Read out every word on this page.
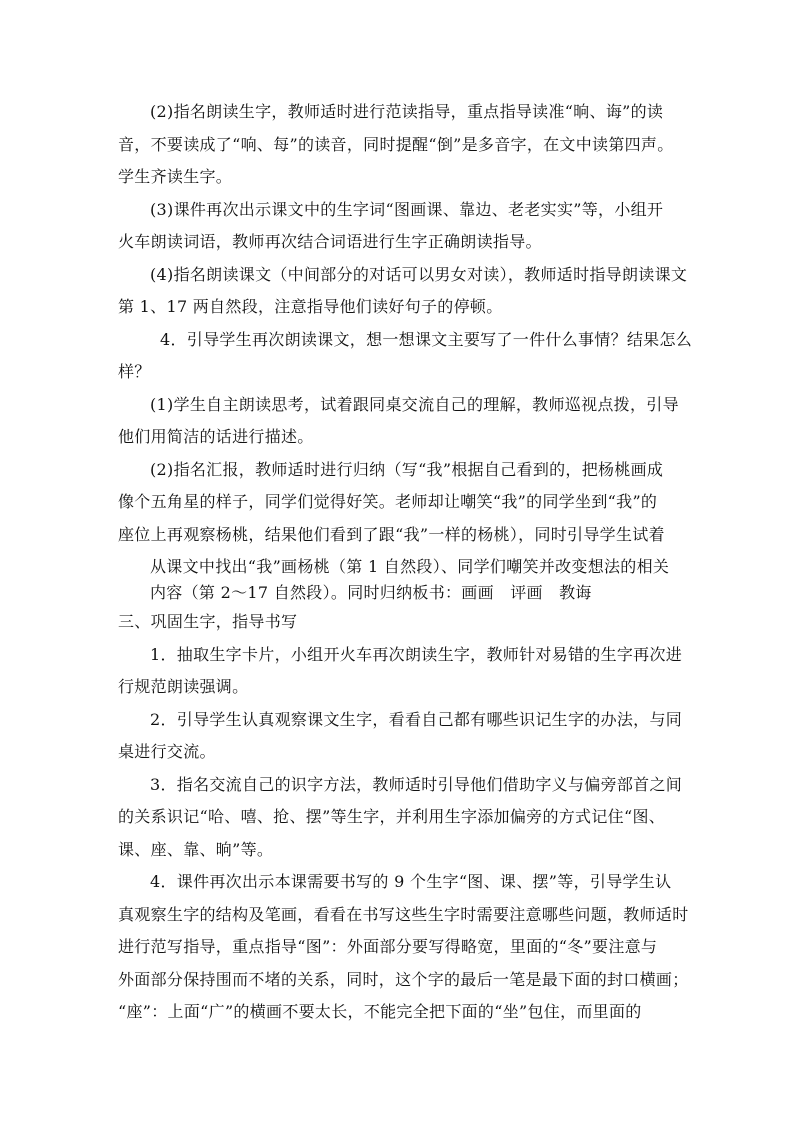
(2)指名朗读生字，教师适时进行范读指导，重点指导读准“晌、诲”的读
音，不要读成了“响、每”的读音，同时提醒“倒”是多音字，在文中读第四声。
学生齐读生字。
(3)课件再次出示课文中的生字词“图画课、靠边、老老实实”等，小组开
火车朗读词语，教师再次结合词语进行生字正确朗读指导。
(4)指名朗读课文（中间部分的对话可以男女对读），教师适时指导朗读课文
第 1、17 两自然段，注意指导他们读好句子的停顿。
4．引导学生再次朗读课文，想一想课文主要写了一件什么事情？结果怎么
样？
(1)学生自主朗读思考，试着跟同桌交流自己的理解，教师巡视点拨，引导
他们用简洁的话进行描述。
(2)指名汇报，教师适时进行归纳（写“我”根据自己看到的，把杨桃画成
像个五角星的样子，同学们觉得好笑。老师却让嘲笑“我”的同学坐到“我”的
座位上再观察杨桃，结果他们看到了跟“我”一样的杨桃），同时引导学生试着
从课文中找出“我”画杨桃（第 1 自然段）、同学们嘲笑并改变想法的相关
内容（第 2～17 自然段）。同时归纳板书：画画　评画　教诲
三、巩固生字，指导书写
1．抽取生字卡片，小组开火车再次朗读生字，教师针对易错的生字再次进
行规范朗读强调。
2．引导学生认真观察课文生字，看看自己都有哪些识记生字的办法，与同
桌进行交流。
3．指名交流自己的识字方法，教师适时引导他们借助字义与偏旁部首之间
的关系识记“哈、嘻、抢、摆”等生字，并利用生字添加偏旁的方式记住“图、
课、座、靠、晌”等。
4．课件再次出示本课需要书写的 9 个生字“图、课、摆”等，引导学生认
真观察生字的结构及笔画，看看在书写这些生字时需要注意哪些问题，教师适时
进行范写指导，重点指导“图”：外面部分要写得略宽，里面的“冬”要注意与
外面部分保持围而不堵的关系，同时，这个字的最后一笔是最下面的封口横画；
“座”：上面“广”的横画不要太长，不能完全把下面的“坐”包住，而里面的
